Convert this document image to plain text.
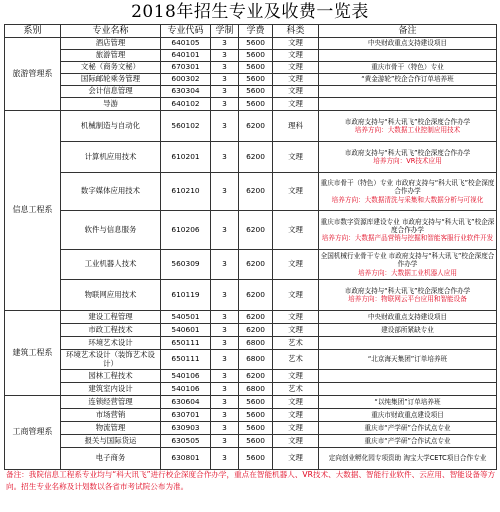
2018年招生专业及收费一览表
系别	专业名称	专业代码	学制	学费	科类	备注
旅游管理系	酒店管理	640105	3	5600	文理	中央财政重点支持建设项目

	旅游管理	640101	3	5600	文理	

	文秘（商务文秘）	670301	3	5600	文理	重庆市骨干（特色）专业

	国际邮轮乘务管理	600302	3	5600	文理	“黄金游轮”校企合作订单培养班

	会计信息管理	630304	3	5600	文理	

	导游	640102	3	5600	文理	

信息工程系	机械制造与自动化	560102	3	6200	理科	市政府支持与“科大讯飞”校企深度合作办学
培养方向：大数据工业控制应用技术

	计算机应用技术	610201	3	6200	文理	市政府支持与“科大讯飞”校企深度合作办学
培养方向：VR技术应用

	数字媒体应用技术	610210	3	6200	文理	重庆市骨干（特色）专业 市政府支持与“科大讯飞”校企深度合作办学
培养方向：大数据清洗与采集和大数据分析与可视化

	软件与信息服务	610206	3	6200	文理	重庆市数字资源库建设专业 市政府支持与“科大讯飞”校企深度合作办学
培养方向：大数据产品营销与挖掘和智能客服行业软件开发

	工业机器人技术	560309	3	6200	文理	全国机械行业骨干专业 市政府支持与“科大讯飞”校企深度合作办学
培养方向：大数据工业机器人应用

	物联网应用技术	610119	3	6200	文理	市政府支持与“科大讯飞”校企深度合作办学
培养方向：物联网云平台应用和智能设备

建筑工程系	建设工程管理	540501	3	6200	文理	中央财政重点支持建设项目

	市政工程技术	540601	3	6200	文理	建设部所紧缺专业

	环境艺术设计	650111	3	6800	艺术	

	环境艺术设计（装饰艺术设计）	650111	3	6800	艺术	“北京海天集团”订单培养班

	园林工程技术	540106	3	6200	文理	

	建筑室内设计	540106	3	6800	艺术	

工商管理系	连锁经营管理	630604	3	5600	文理	“以纯集团”订单培养班

	市场营销	630701	3	5600	文理	重庆市财政重点建设项目

	物流管理	630903	3	5600	文理	重庆市“产学研”合作试点专业

	报关与国际货运	630505	3	5600	文理	重庆市“产学研”合作试点专业

	电子商务	630801	3	5600	文理	定向创业孵化园专项资助 淘宝大学CETC项目合作专业
备注：我院信息工程系专业均与“科大讯飞”进行校企深度合作办学，重点在智能机器人、VR技术、大数据、智能行业软件、云应用、智能设备等方向。招生专业名称及计划数以各省市考试院公布为准。
